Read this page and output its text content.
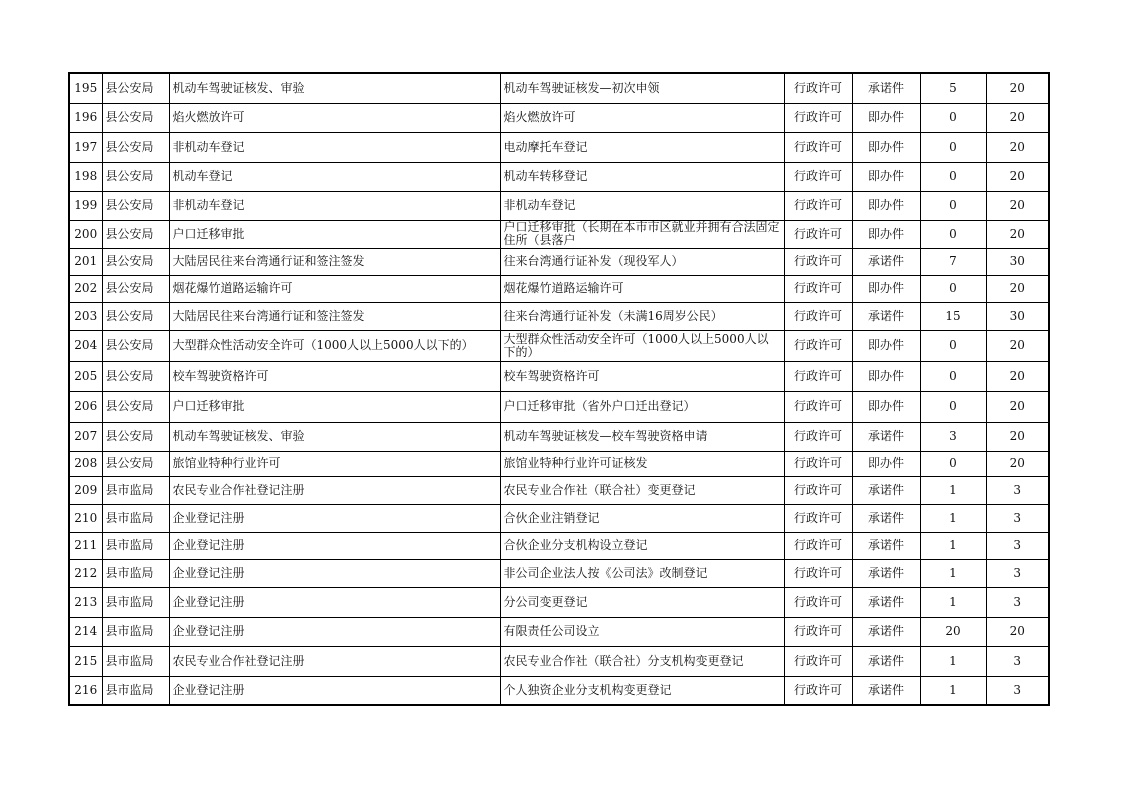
195	县公安局	机动车驾驶证核发、审验	机动车驾驶证核发—初次申领	行政许可	承诺件	5	20
196	县公安局	焰火燃放许可	焰火燃放许可	行政许可	即办件	0	20
197	县公安局	非机动车登记	电动摩托车登记	行政许可	即办件	0	20
198	县公安局	机动车登记	机动车转移登记	行政许可	即办件	0	20
199	县公安局	非机动车登记	非机动车登记	行政许可	即办件	0	20
200	县公安局	户口迁移审批	户口迁移审批（长期在本市市区就业并拥有合法固定住所（县落户	行政许可	即办件	0	20
201	县公安局	大陆居民往来台湾通行证和签注签发	往来台湾通行证补发（现役军人）	行政许可	承诺件	7	30
202	县公安局	烟花爆竹道路运输许可	烟花爆竹道路运输许可	行政许可	即办件	0	20
203	县公安局	大陆居民往来台湾通行证和签注签发	往来台湾通行证补发（未满16周岁公民）	行政许可	承诺件	15	30
204	县公安局	大型群众性活动安全许可（1000人以上5000人以下的）	大型群众性活动安全许可（1000人以上5000人以下的）	行政许可	即办件	0	20
205	县公安局	校车驾驶资格许可	校车驾驶资格许可	行政许可	即办件	0	20
206	县公安局	户口迁移审批	户口迁移审批（省外户口迁出登记）	行政许可	即办件	0	20
207	县公安局	机动车驾驶证核发、审验	机动车驾驶证核发—校车驾驶资格申请	行政许可	承诺件	3	20
208	县公安局	旅馆业特种行业许可	旅馆业特种行业许可证核发	行政许可	即办件	0	20
209	县市监局	农民专业合作社登记注册	农民专业合作社（联合社）变更登记	行政许可	承诺件	1	3
210	县市监局	企业登记注册	合伙企业注销登记	行政许可	承诺件	1	3
211	县市监局	企业登记注册	合伙企业分支机构设立登记	行政许可	承诺件	1	3
212	县市监局	企业登记注册	非公司企业法人按《公司法》改制登记	行政许可	承诺件	1	3
213	县市监局	企业登记注册	分公司变更登记	行政许可	承诺件	1	3
214	县市监局	企业登记注册	有限责任公司设立	行政许可	承诺件	20	20
215	县市监局	农民专业合作社登记注册	农民专业合作社（联合社）分支机构变更登记	行政许可	承诺件	1	3
216	县市监局	企业登记注册	个人独资企业分支机构变更登记	行政许可	承诺件	1	3
